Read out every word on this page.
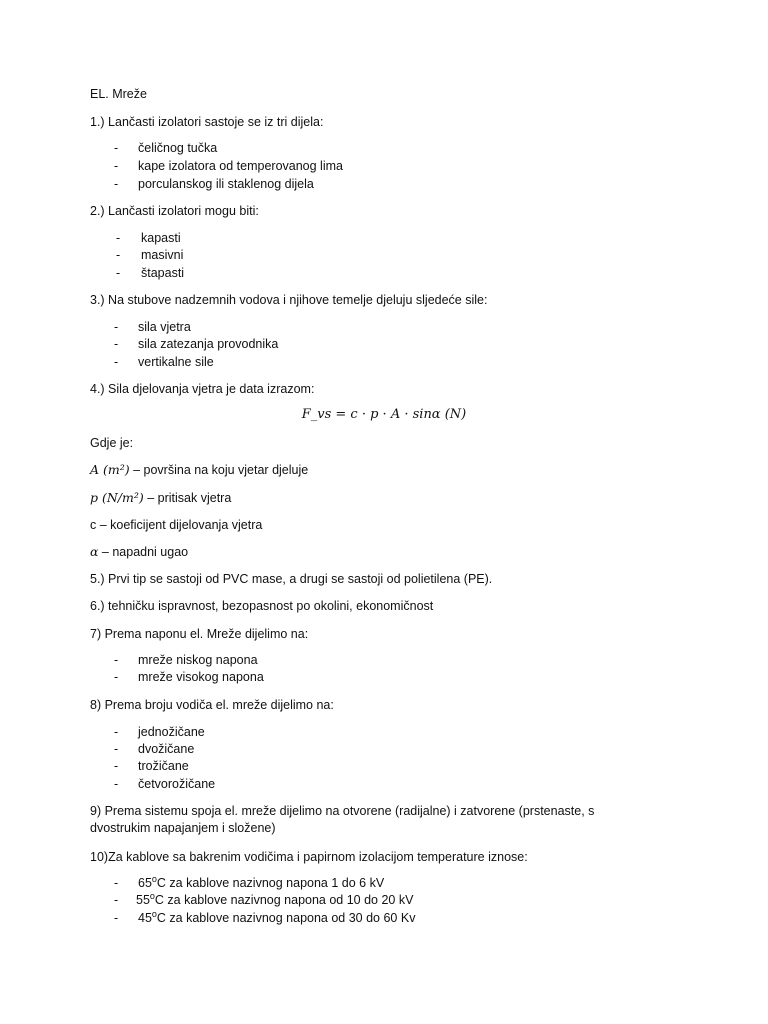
EL. Mreže
1.) Lančasti izolatori sastoje se iz tri dijela:
-	čeličnog tučka
-	kape izolatora od temperovanog lima
-	porculanskog ili staklenog dijela
2.) Lančasti izolatori mogu biti:
-	kapasti
-	masivni
-	štapasti
3.) Na stubove nadzemnih vodova i njihove temelje djeluju sljedeće sile:
-	sila vjetra
-	sila zatezanja provodnika
-	vertikalne sile
4.) Sila djelovanja vjetra je data izrazom:
F_vs = c · p · A · sinα (N)
Gdje je:
A (m²) – površina na koju vjetar djeluje
p (N/m²) – pritisak vjetra
c – koeficijent dijelovanja vjetra
α – napadni ugao
5.) Prvi tip se sastoji od PVC mase, a drugi se sastoji od polietilena (PE).
6.) tehničku ispravnost, bezopasnost po okolini, ekonomičnost
7) Prema naponu el. Mreže dijelimo na:
-	mreže niskog napona
-	mreže visokog napona
8) Prema broju vodiča el. mreže dijelimo na:
-	jednožičane
-	dvožičane
-	trožičane
-	četvorožičane
9) Prema sistemu spoja el. mreže dijelimo na otvorene (radijalne) i zatvorene (prstenaste, s dvostrukim napajanjem i složene)
10)Za kablove sa bakrenim vodičima i papirnom izolacijom temperature iznose:
-	65$^o$C za kablove nazivnog napona 1 do 6 kV
-	55$^o$C za kablove nazivnog napona od 10 do 20 kV
-	45$^o$C za kablove nazivnog napona od 30 do 60 Kv
